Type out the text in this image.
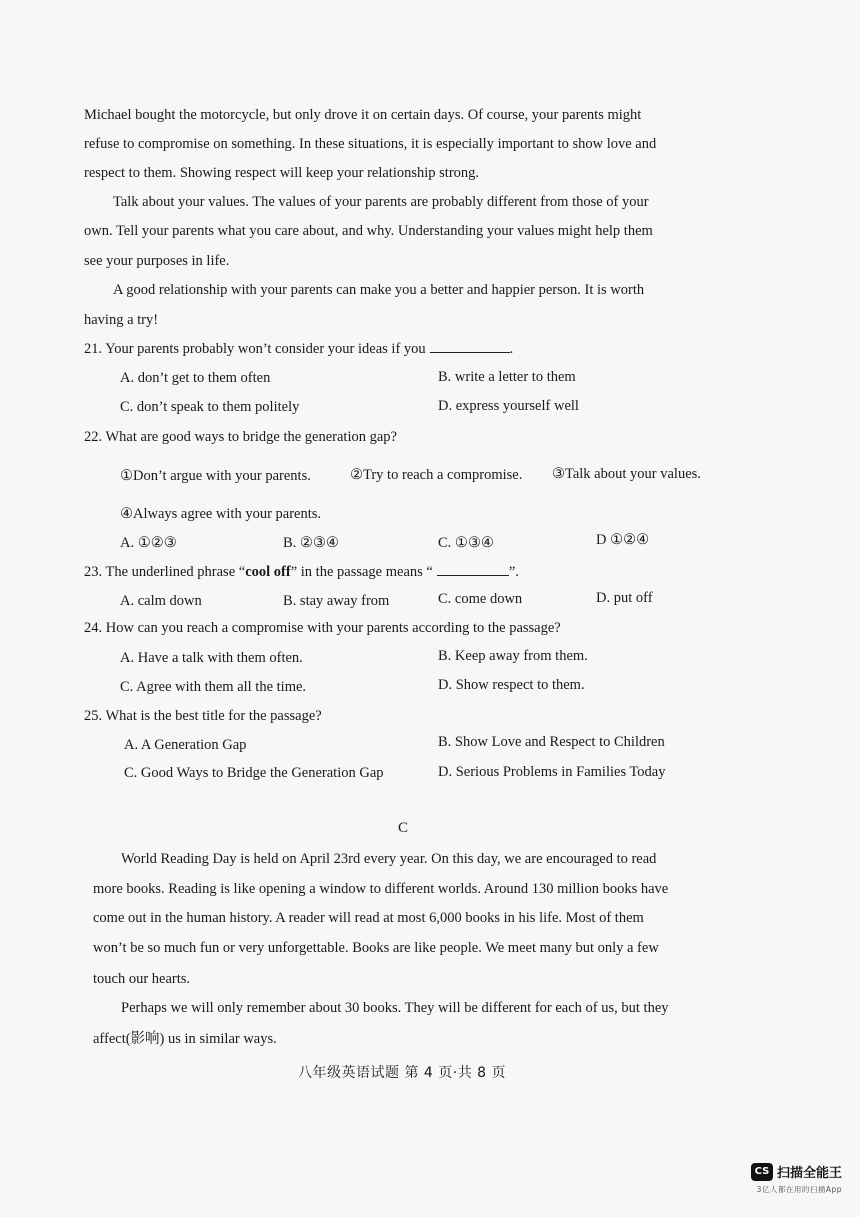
Michael bought the motorcycle, but only drove it on certain days. Of course, your parents might
refuse to compromise on something. In these situations, it is especially important to show love and
respect to them. Showing respect will keep your relationship strong.
Talk about your values. The values of your parents are probably different from those of your
own. Tell your parents what you care about, and why. Understanding your values might help them
see your purposes in life.
A good relationship with your parents can make you a better and happier person. It is worth
having a try!
21. Your parents probably won’t consider your ideas if you	.
A. don’t get to them often	B. write a letter to them
C. don’t speak to them politely	D. express yourself well
22. What are good ways to bridge the generation gap?
①Don’t argue with your parents.	②Try to reach a compromise. ③Talk about your values.
④Always agree with your parents.
A. ①②③	B. ②③④	C. ①③④	D ①②④
23. The underlined phrase “cool off” in the passage means “	”.
A. calm down	B. stay away from	C. come down	D. put off
24. How can you reach a compromise with your parents according to the passage?
A. Have a talk with them often.	B. Keep away from them.
C. Agree with them all the time.	D. Show respect to them.
25. What is the best title for the passage?
A. A Generation Gap	B. Show Love and Respect to Children
C. Good Ways to Bridge the Generation Gap	D. Serious Problems in Families Today
C
World Reading Day is held on April 23rd every year. On this day, we are encouraged to read
more books. Reading is like opening a window to different worlds. Around 130 million books have
come out in the human history. A reader will read at most 6,000 books in his life. Most of them
won’t be so much fun or very unforgettable. Books are like people. We meet many but only a few
touch our hearts.
Perhaps we will only remember about 30 books. They will be different for each of us, but they
affect(影响) us in similar ways.
八年级英语试题 第 4 页·共 8 页
CS 扫描全能王
3亿人都在用的扫描App
